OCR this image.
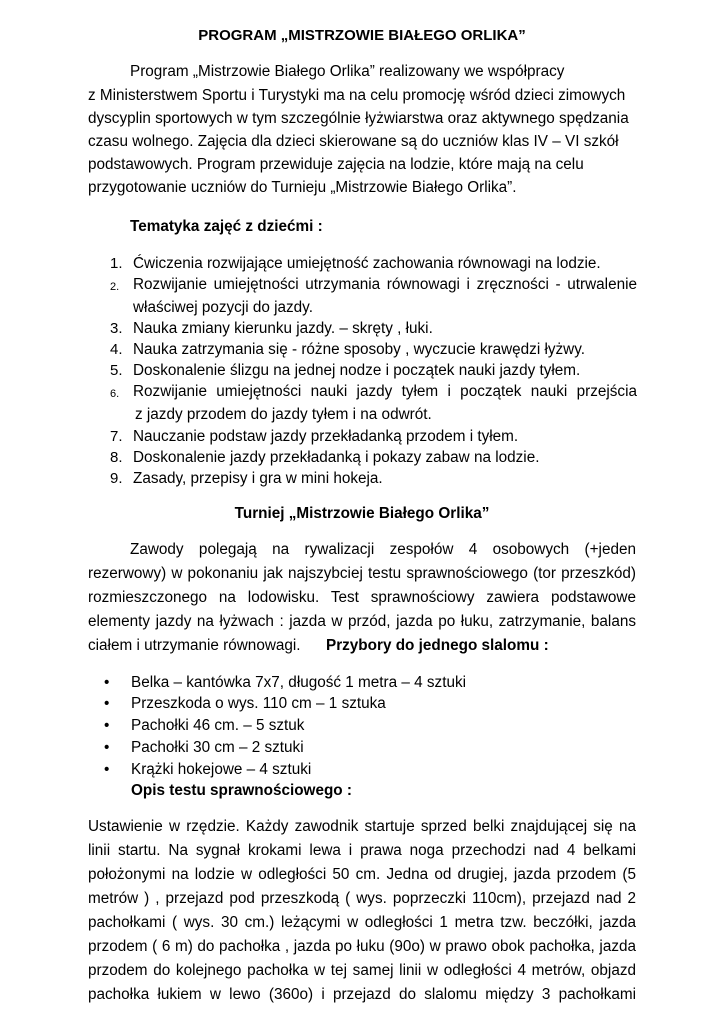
PROGRAM „MISTRZOWIE BIAŁEGO ORLIKA”
Program „Mistrzowie Białego Orlika” realizowany we współpracy
z Ministerstwem Sportu i Turystyki ma na celu promocję wśród dzieci zimowych
dyscyplin sportowych w tym szczególnie łyżwiarstwa oraz aktywnego spędzania
czasu wolnego. Zajęcia dla dzieci skierowane są do uczniów klas IV – VI szkół
podstawowych. Program przewiduje zajęcia na lodzie, które mają na celu
przygotowanie uczniów do Turnieju „Mistrzowie Białego Orlika”.
Tematyka zajęć z dziećmi :
1. Ćwiczenia rozwijające umiejętność zachowania równowagi na lodzie.
2. Rozwijanie umiejętności utrzymania równowagi i zręczności - utrwalenie
właściwej pozycji do jazdy.
3. Nauka zmiany kierunku jazdy. – skręty , łuki.
4. Nauka zatrzymania się - różne sposoby , wyczucie krawędzi łyżwy.
5. Doskonalenie ślizgu na jednej nodze i początek nauki jazdy tyłem.
6. Rozwijanie umiejętności nauki jazdy tyłem i początek nauki przejścia
z jazdy przodem do jazdy tyłem i na odwrót.
7. Nauczanie podstaw jazdy przekładanką przodem i tyłem.
8. Doskonalenie jazdy przekładanką i pokazy zabaw na lodzie.
9. Zasady, przepisy i gra w mini hokeja.
Turniej „Mistrzowie Białego Orlika”
Zawody polegają na rywalizacji zespołów 4 osobowych (+jeden
rezerwowy) w pokonaniu jak najszybciej testu sprawnościowego (tor przeszkód)
rozmieszczonego na lodowisku. Test sprawnościowy zawiera podstawowe
elementy jazdy na łyżwach : jazda w przód, jazda po łuku, zatrzymanie, balans
ciałem i utrzymanie równowagi. Przybory do jednego slalomu :
• Belka – kantówka 7x7, długość 1 metra – 4 sztuki
• Przeszkoda o wys. 110 cm – 1 sztuka
• Pachołki 46 cm. – 5 sztuk
• Pachołki 30 cm – 2 sztuki
• Krążki hokejowe – 4 sztuki
Opis testu sprawnościowego :
Ustawienie w rzędzie. Każdy zawodnik startuje sprzed belki znajdującej się na
linii startu. Na sygnał krokami lewa i prawa noga przechodzi nad 4 belkami
położonymi na lodzie w odległości 50 cm. Jedna od drugiej, jazda przodem (5
metrów ) , przejazd pod przeszkodą ( wys. poprzeczki 110cm), przejazd nad 2
pachołkami ( wys. 30 cm.) leżącymi w odległości 1 metra tzw. beczółki, jazda
przodem ( 6 m) do pachołka , jazda po łuku (90o) w prawo obok pachołka, jazda
przodem do kolejnego pachołka w tej samej linii w odległości 4 metrów, objazd
pachołka łukiem w lewo (360o) i przejazd do slalomu między 3 pachołkami
